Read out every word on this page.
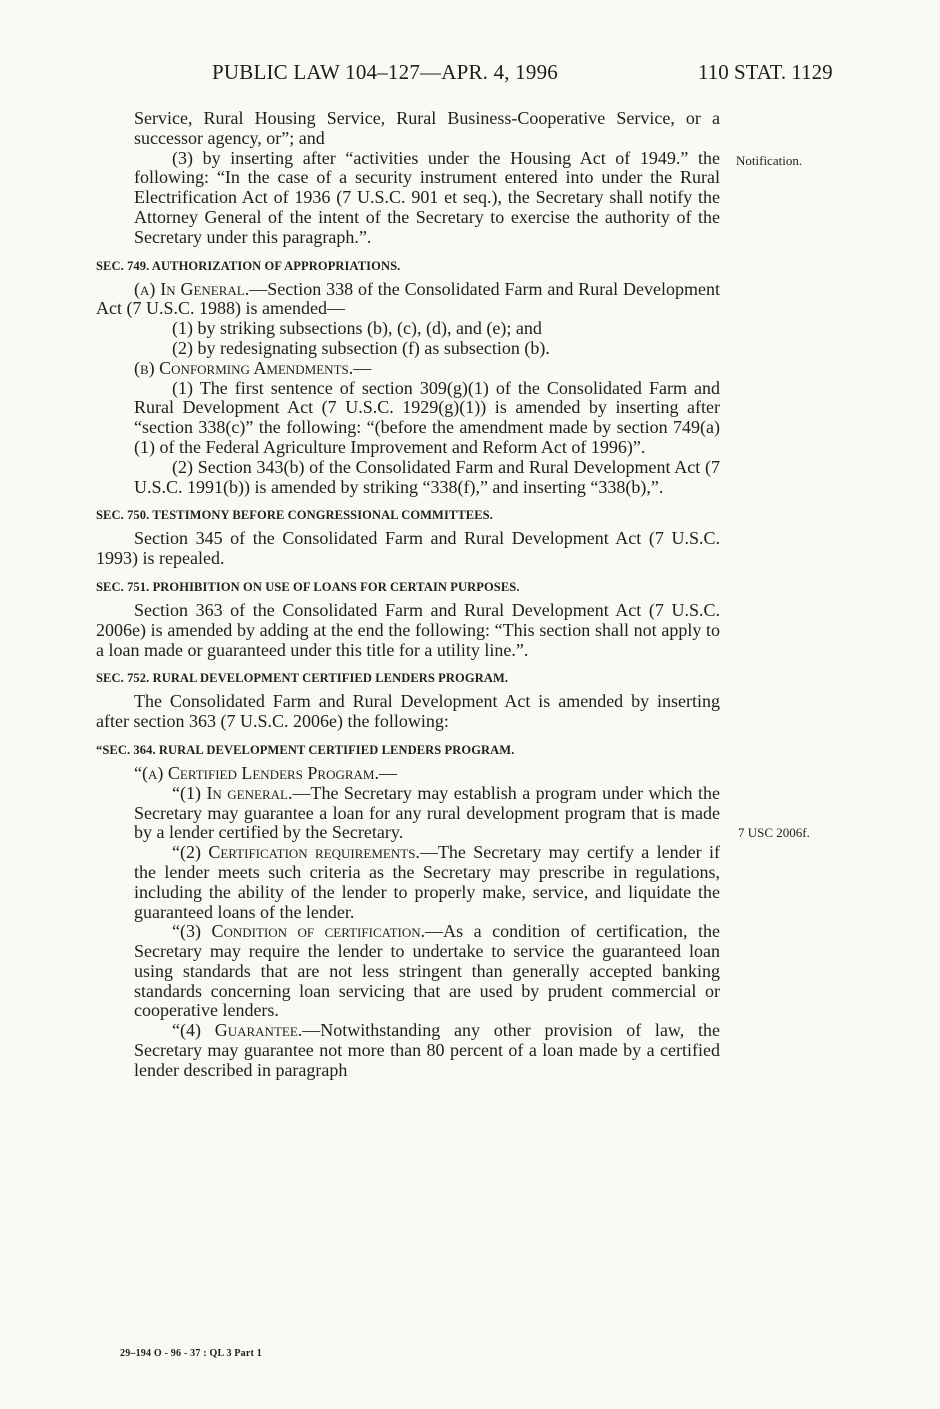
PUBLIC LAW 104–127—APR. 4, 1996	110 STAT. 1129
Notification.
7 USC 2006f.

Service, Rural Housing Service, Rural Business-Cooperative Service, or a successor agency, or”; and

(3) by inserting after “activities under the Housing Act of 1949.” the following: “In the case of a security instrument entered into under the Rural Electrification Act of 1936 (7 U.S.C. 901 et seq.), the Secretary shall notify the Attorney General of the intent of the Secretary to exercise the authority of the Secretary under this paragraph.”.

SEC. 749. AUTHORIZATION OF APPROPRIATIONS.

(a) In General.—Section 338 of the Consolidated Farm and Rural Development Act (7 U.S.C. 1988) is amended—

(1) by striking subsections (b), (c), (d), and (e); and

(2) by redesignating subsection (f) as subsection (b).

(b) Conforming Amendments.—

(1) The first sentence of section 309(g)(1) of the Consolidated Farm and Rural Development Act (7 U.S.C. 1929(g)(1)) is amended by inserting after “section 338(c)” the following: “(before the amendment made by section 749(a)(1) of the Federal Agriculture Improvement and Reform Act of 1996)”.

(2) Section 343(b) of the Consolidated Farm and Rural Development Act (7 U.S.C. 1991(b)) is amended by striking “338(f),” and inserting “338(b),”.

SEC. 750. TESTIMONY BEFORE CONGRESSIONAL COMMITTEES.

Section 345 of the Consolidated Farm and Rural Development Act (7 U.S.C. 1993) is repealed.

SEC. 751. PROHIBITION ON USE OF LOANS FOR CERTAIN PURPOSES.

Section 363 of the Consolidated Farm and Rural Development Act (7 U.S.C. 2006e) is amended by adding at the end the following: “This section shall not apply to a loan made or guaranteed under this title for a utility line.”.

SEC. 752. RURAL DEVELOPMENT CERTIFIED LENDERS PROGRAM.

The Consolidated Farm and Rural Development Act is amended by inserting after section 363 (7 U.S.C. 2006e) the following:

“SEC. 364. RURAL DEVELOPMENT CERTIFIED LENDERS PROGRAM.

“(a) Certified Lenders Program.—

“(1) In general.—The Secretary may establish a program under which the Secretary may guarantee a loan for any rural development program that is made by a lender certified by the Secretary.

“(2) Certification requirements.—The Secretary may certify a lender if the lender meets such criteria as the Secretary may prescribe in regulations, including the ability of the lender to properly make, service, and liquidate the guaranteed loans of the lender.

“(3) Condition of certification.—As a condition of certification, the Secretary may require the lender to undertake to service the guaranteed loan using standards that are not less stringent than generally accepted banking standards concerning loan servicing that are used by prudent commercial or cooperative lenders.

“(4) Guarantee.—Notwithstanding any other provision of law, the Secretary may guarantee not more than 80 percent of a loan made by a certified lender described in paragraph

29–194 O - 96 - 37 : QL 3 Part 1
